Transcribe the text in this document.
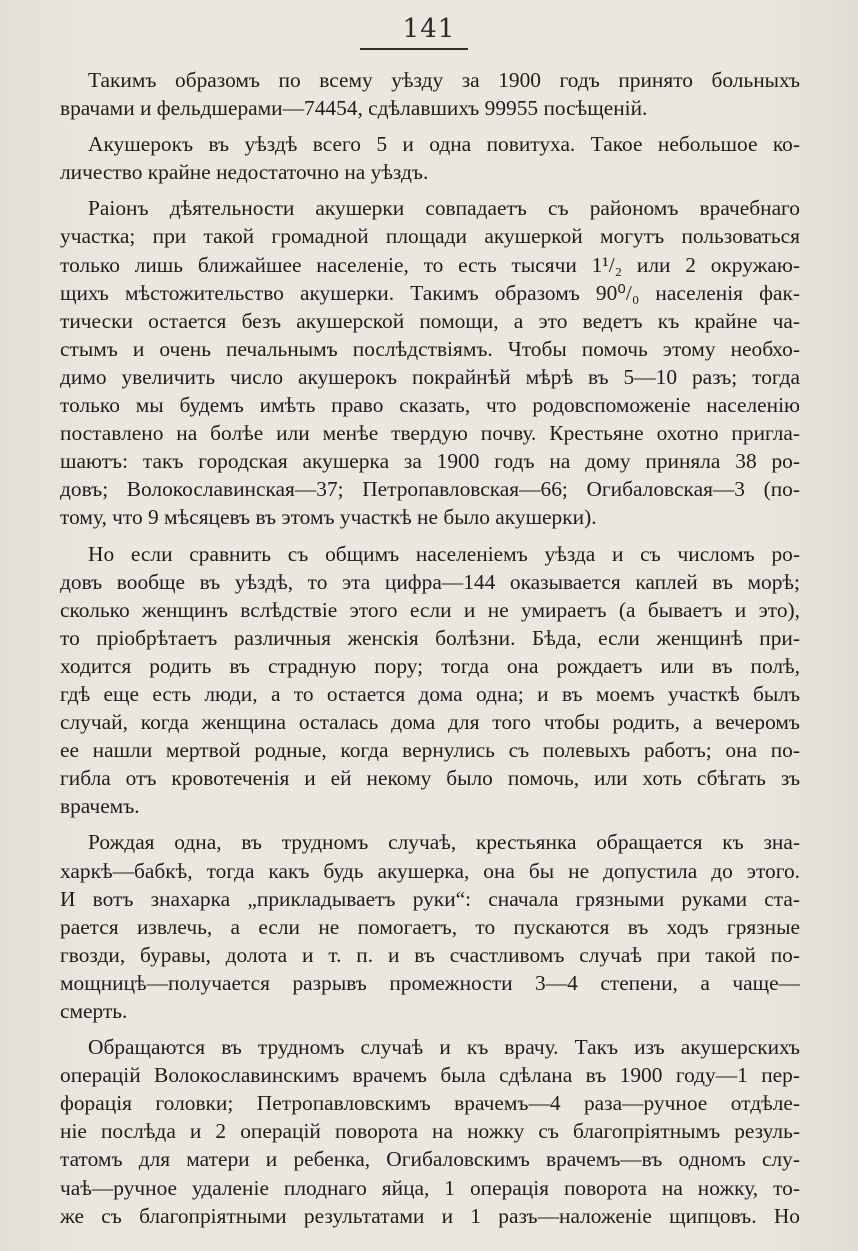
141
Такимъ образомъ по всему уѣзду за 1900 годъ принято больныхъ
врачами и фельдшерами—74454, сдѣлавшихъ 99955 посѣщеній.
Акушерокъ въ уѣздѣ всего 5 и одна повитуха. Такое небольшое ко-
личество крайне недостаточно на уѣздъ.
Раіонъ дѣятельности акушерки совпадаетъ съ райономъ врачебнаго
участка; при такой громадной площади акушеркой могутъ пользоваться
только лишь ближайшее населеніе, то есть тысячи 1¹/₂ или 2 окружаю-
щихъ мѣстожительство акушерки. Такимъ образомъ 90⁰/₀ населенія фак-
тически остается безъ акушерской помощи, а это ведетъ къ крайне ча-
стымъ и очень печальнымъ послѣдствіямъ. Чтобы помочь этому необхо-
димо увеличить число акушерокъ покрайнѣй мѣрѣ въ 5—10 разъ; тогда
только мы будемъ имѣть право сказать, что родовспоможеніе населенію
поставлено на болѣе или менѣе твердую почву. Крестьяне охотно пригла-
шаютъ: такъ городская акушерка за 1900 годъ на дому приняла 38 ро-
довъ; Волокославинская—37; Петропавловская—66; Огибаловская—3 (по-
тому, что 9 мѣсяцевъ въ этомъ участкѣ не было акушерки).
Но если сравнить съ общимъ населеніемъ уѣзда и съ числомъ ро-
довъ вообще въ уѣздѣ, то эта цифра—144 оказывается каплей въ морѣ;
сколько женщинъ вслѣдствіе этого если и не умираетъ (а бываетъ и это),
то пріобрѣтаетъ различныя женскія болѣзни. Бѣда, если женщинѣ при-
ходится родить въ страдную пору; тогда она рождаетъ или въ полѣ,
гдѣ еще есть люди, а то остается дома одна; и въ моемъ участкѣ былъ
случай, когда женщина осталась дома для того чтобы родить, а вечеромъ
ее нашли мертвой родные, когда вернулись съ полевыхъ работъ; она по-
гибла отъ кровотеченія и ей некому было помочь, или хоть сбѣгать зъ
врачемъ.
Рождая одна, въ трудномъ случаѣ, крестьянка обращается къ зна-
харкѣ—бабкѣ, тогда какъ будь акушерка, она бы не допустила до этого.
И вотъ знахарка „прикладываетъ руки“: сначала грязными руками ста-
рается извлечь, а если не помогаетъ, то пускаются въ ходъ грязные
гвозди, буравы, долота и т. п. и въ счастливомъ случаѣ при такой по-
мощницѣ—получается разрывъ промежности 3—4 степени, а чаще—
смерть.
Обращаются въ трудномъ случаѣ и къ врачу. Такъ изъ акушерскихъ
операцій Волокославинскимъ врачемъ была сдѣлана въ 1900 году—1 пер-
форація головки; Петропавловскимъ врачемъ—4 раза—ручное отдѣле-
ніе послѣда и 2 операцій поворота на ножку съ благопріятнымъ резуль-
татомъ для матери и ребенка, Огибаловскимъ врачемъ—въ одномъ слу-
чаѣ—ручное удаленіе плоднаго яйца, 1 операція поворота на ножку, то-
же съ благопріятными результатами и 1 разъ—наложеніе щипцовъ. Но
